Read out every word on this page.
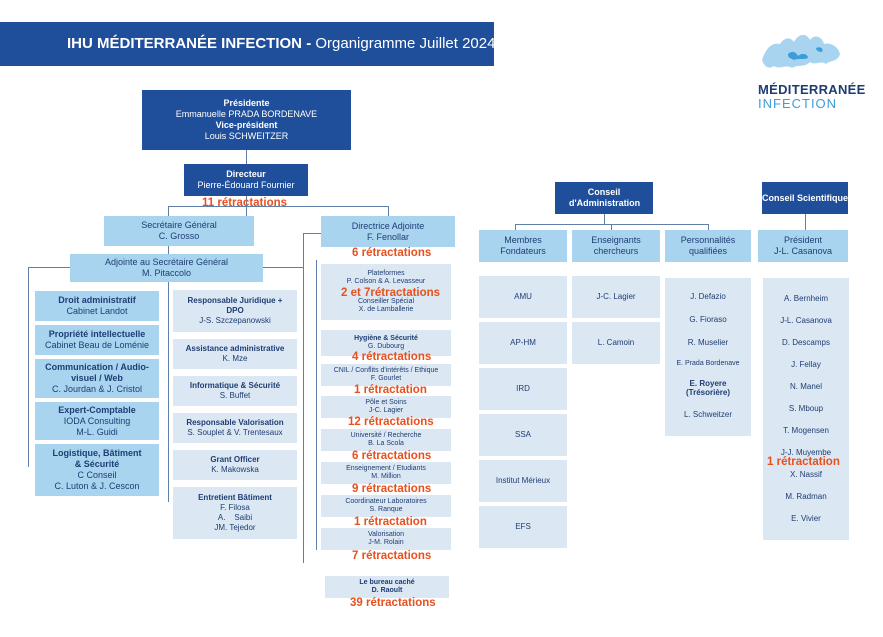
IHU MÉDITERRANÉE INFECTION - Organigramme Juillet 2024
MÉDITERRANÉE
INFECTION
Présidente
Emmanuelle PRADA BORDENAVE
Vice-président
Louis SCHWEITZER
Directeur
Pierre-Édouard Fournier
11 rétractations
Secrétaire Général
C. Grosso
Adjointe au Secrétaire Général
M. Pitaccolo
Droit administratif
Cabinet Landot
Propriété intellectuelle
Cabinet Beau de Loménie
Communication / Audio-visuel / Web
C. Jourdan & J. Cristol
Expert-Comptable
IODA Consulting
M-L. Guidi
Logistique, Bâtiment & Sécurité
C Conseil
C. Luton & J. Cescon
Responsable Juridique + DPO
J-S. Szczepanowski
Assistance administrative
K. Mze
Informatique & Sécurité
S. Buffet
Responsable Valorisation
S. Souplet & V. Trentesaux
Grant Officer
K. Makowska
Entretient Bâtiment
F. Filosa
A.    Saibi
JM. Tejedor
Directrice Adjointe
F. Fenollar
6 rétractations
Plateformes
P. Colson & A. Levasseur
Conseiller Spécial
X. de Lamballerie
2 et 7rétractations
Hygiène & Sécurité
G. Dubourg
4 rétractations
CNIL / Conflits d'intérêts / Ethique
F. Gourlet
1 rétractation
Pôle et Soins
J-C. Lagier
12 rétractations
Université / Recherche
B. La Scola
6 rétractations
Enseignement / Etudiants
M. Million
9 rétractations
Coordinateur Laboratoires
S. Ranque
1 rétractation
Valorisation
J-M. Rolain
7 rétractations
Le bureau caché
D. Raoult
39 rétractations
Conseil d'Administration
Membres Fondateurs
AMU
AP-HM
IRD
SSA
Institut Mérieux
EFS
Enseignants chercheurs
J-C. Lagier
L. Camoin
Personnalités qualifiées
J. Defazio
G. Fioraso
R. Muselier
E. Prada Bordenave
E. Royere
(Trésorière)
L. Schweitzer
Conseil Scientifique
Président
J-L. Casanova
A. Bernheim
J-L. Casanova
D. Descamps
J. Fellay
N. Manel
S. Mboup
T. Mogensen
J-J. Muyembe
X. Nassif
M. Radman
E. Vivier
1 rétractation
